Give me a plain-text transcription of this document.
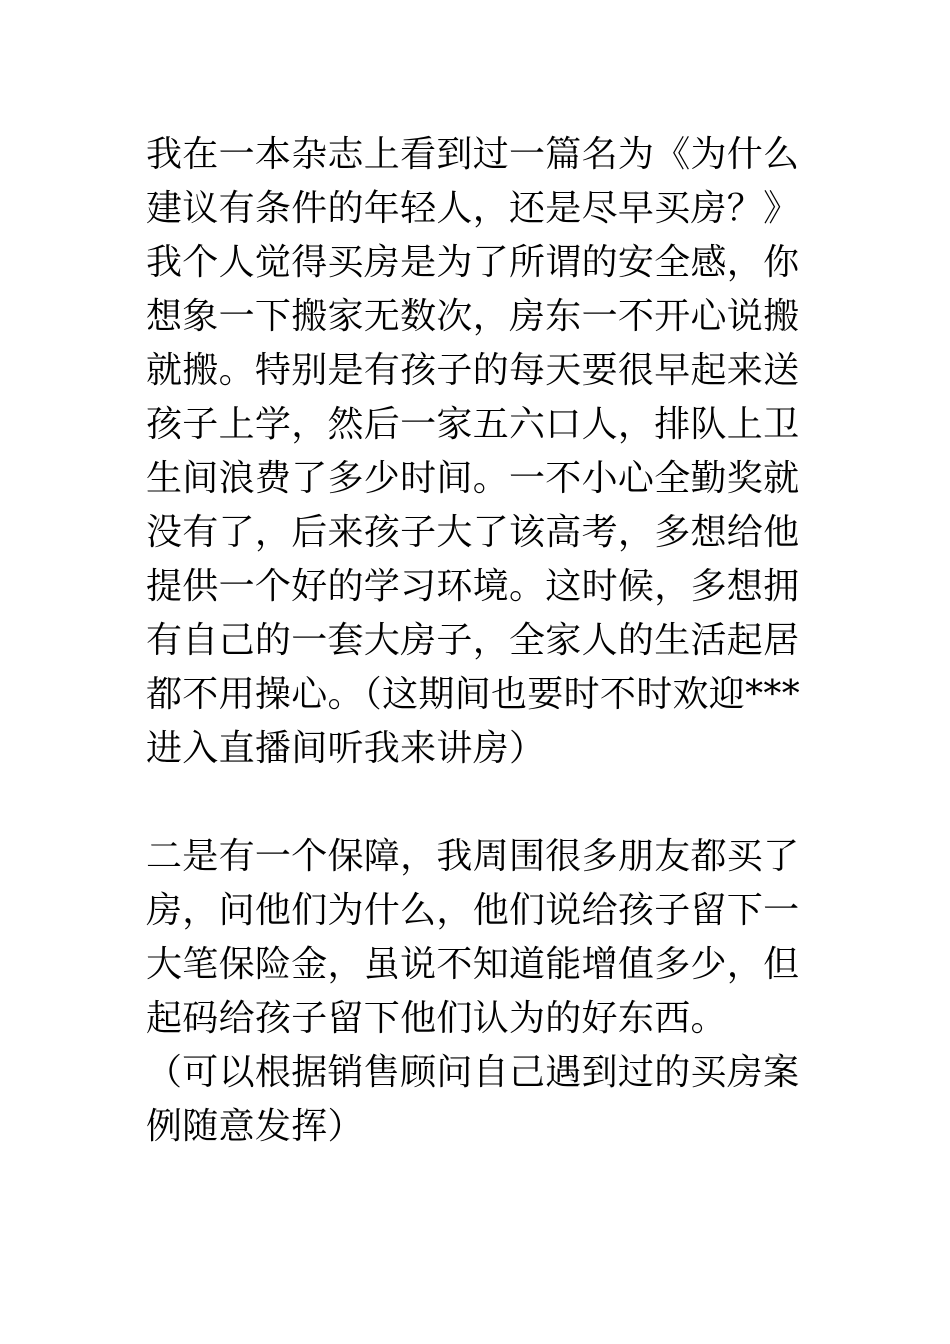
我在一本杂志上看到过一篇名为《为什么建议有条件的年轻人，还是尽早买房？》我个人觉得买房是为了所谓的安全感，你想象一下搬家无数次，房东一不开心说搬就搬。特别是有孩子的每天要很早起来送孩子上学，然后一家五六口人，排队上卫生间浪费了多少时间。一不小心全勤奖就没有了，后来孩子大了该高考，多想给他提供一个好的学习环境。这时候，多想拥有自己的一套大房子，全家人的生活起居都不用操心。（这期间也要时不时欢迎***进入直播间听我来讲房）

二是有一个保障，我周围很多朋友都买了房，问他们为什么，他们说给孩子留下一大笔保险金，虽说不知道能增值多少，但起码给孩子留下他们认为的好东西。

（可以根据销售顾问自己遇到过的买房案例随意发挥）
